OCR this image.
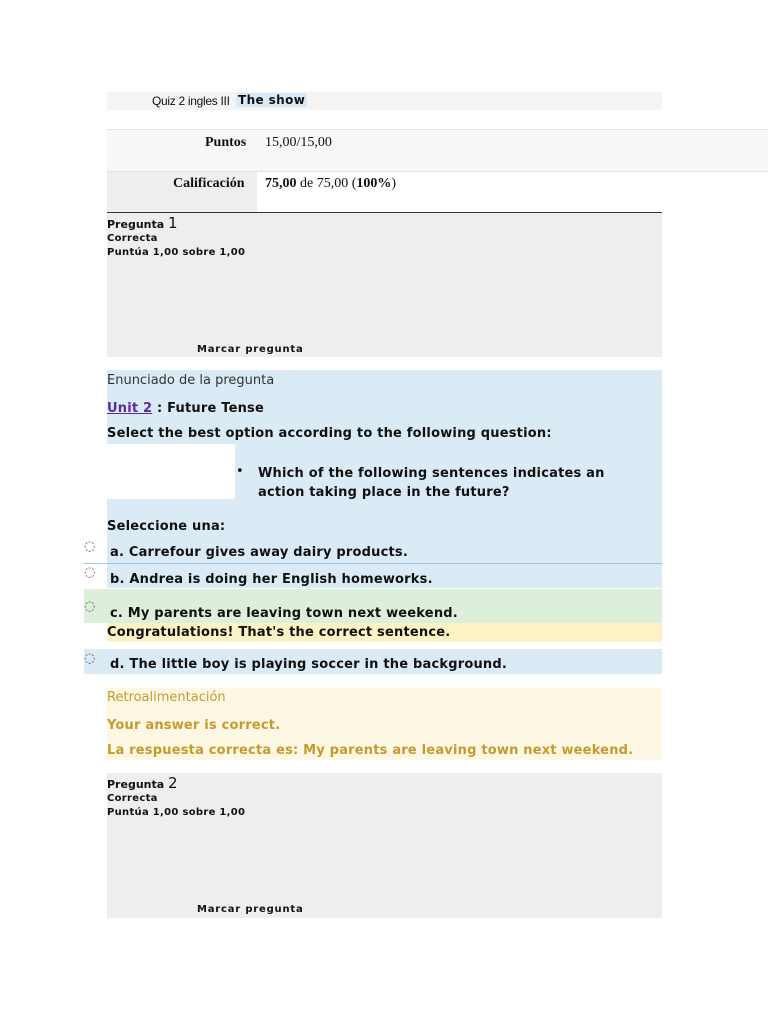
Quiz 2 ingles III The show
Puntos 15,00/15,00
Calificación 75,00 de 75,00 (100%)
Pregunta 1
Correcta
Puntúa 1,00 sobre 1,00
Marcar pregunta
Enunciado de la pregunta
Unit 2 : Future Tense
Select the best option according to the following question:
• Which of the following sentences indicates an action taking place in the future?
Seleccione una:
◌ a. Carrefour gives away dairy products.
◌ b. Andrea is doing her English homeworks.
◌ c. My parents are leaving town next weekend.
Congratulations! That's the correct sentence.
◌ d. The little boy is playing soccer in the background.
Retroalimentación
Your answer is correct.
La respuesta correcta es: My parents are leaving town next weekend.
Pregunta 2
Correcta
Puntúa 1,00 sobre 1,00
Marcar pregunta
